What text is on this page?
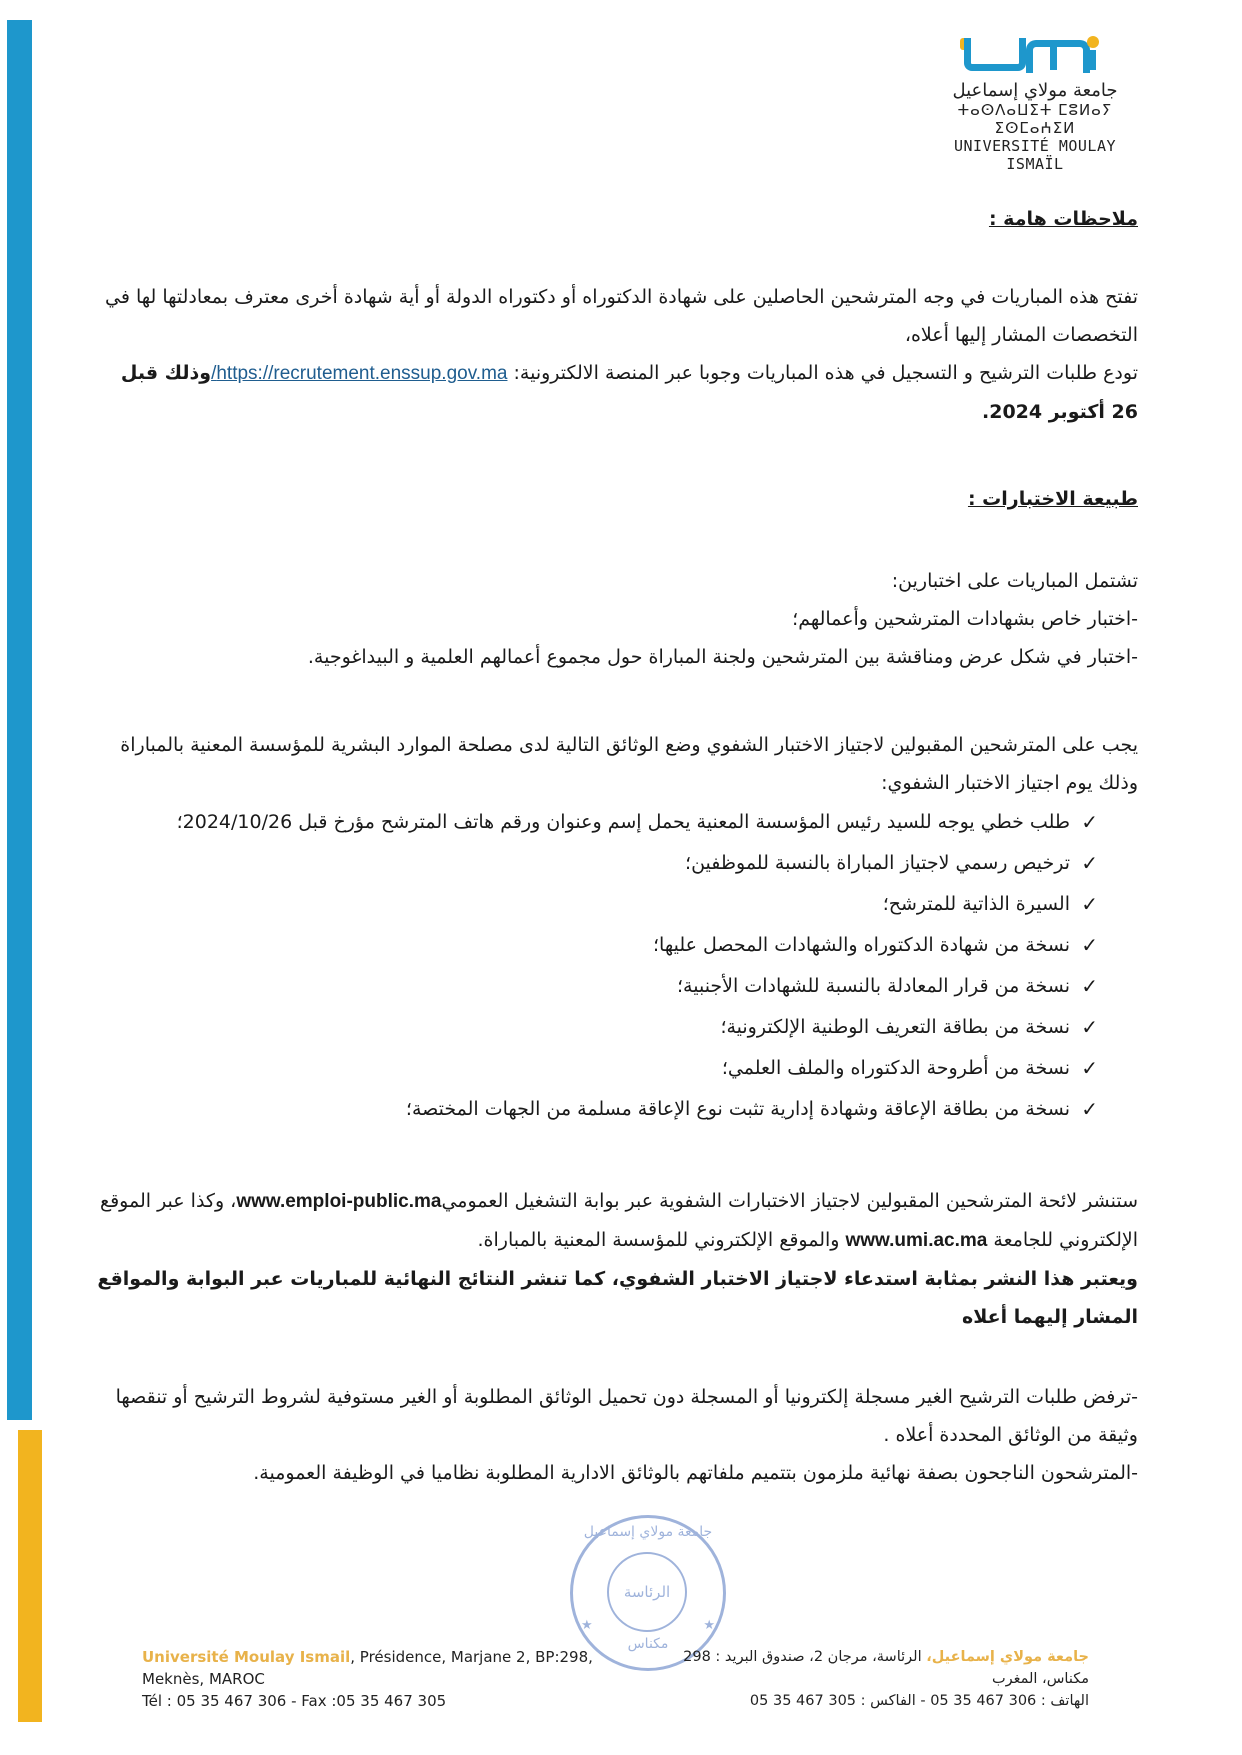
جامعة مولاي إسماعيل
ⵜⴰⵙⴷⴰⵡⵉⵜ ⵎⵓⵍⴰⵢ ⵉⵙⵎⴰⵄⵉⵍ
UNIVERSITÉ MOULAY ISMAÏL
ملاحظات هامة :
تفتح هذه المباريات في وجه المترشحين الحاصلين على شهادة الدكتوراه أو دكتوراه الدولة أو أية شهادة أخرى معترف بمعادلتها لها في التخصصات المشار إليها أعلاه،
تودع طلبات الترشيح و التسجيل في هذه المباريات وجوبا عبر المنصة الالكترونية: https://recrutement.enssup.gov.ma/وذلك قبل 26 أكتوبر 2024.
طبيعة الاختبارات :
تشتمل المباريات على اختبارين:
-اختبار خاص بشهادات المترشحين وأعمالهم؛
-اختبار في شكل عرض ومناقشة بين المترشحين ولجنة المباراة حول مجموع أعمالهم العلمية و البيداغوجية.
يجب على المترشحين المقبولين لاجتياز الاختبار الشفوي وضع الوثائق التالية لدى مصلحة الموارد البشرية للمؤسسة المعنية بالمباراة وذلك يوم اجتياز الاختبار الشفوي:
✓
طلب خطي يوجه للسيد رئيس المؤسسة المعنية يحمل إسم وعنوان ورقم هاتف المترشح مؤرخ قبل 2024/10/26؛
✓
ترخيص رسمي لاجتياز المباراة بالنسبة للموظفين؛
✓
السيرة الذاتية للمترشح؛
✓
نسخة من شهادة الدكتوراه والشهادات المحصل عليها؛
✓
نسخة من قرار المعادلة بالنسبة للشهادات الأجنبية؛
✓
نسخة من بطاقة التعريف الوطنية الإلكترونية؛
✓
نسخة من أطروحة الدكتوراه والملف العلمي؛
✓
نسخة من بطاقة الإعاقة وشهادة إدارية تثبت نوع الإعاقة مسلمة من الجهات المختصة؛
ستنشر لائحة المترشحين المقبولين لاجتياز الاختبارات الشفوية عبر بوابة التشغيل العموميwww.emploi-public.ma، وكذا عبر الموقع الإلكتروني للجامعة www.umi.ac.ma والموقع الإلكتروني للمؤسسة المعنية بالمباراة.
ويعتبر هذا النشر بمثابة استدعاء لاجتياز الاختبار الشفوي، كما تنشر النتائج النهائية للمباريات عبر البوابة والمواقع المشار إليهما أعلاه
-ترفض طلبات الترشيح الغير مسجلة إلكترونيا أو المسجلة دون تحميل الوثائق المطلوبة أو الغير مستوفية لشروط الترشيح أو تنقصها وثيقة من الوثائق المحددة أعلاه .
-المترشحون الناجحون بصفة نهائية ملزمون بتتميم ملفاتهم بالوثائق الادارية المطلوبة نظاميا في الوظيفة العمومية.
جامعة مولاي إسماعيل
الرئاسة
★	★
مكناس
Université Moulay Ismail, Présidence, Marjane 2, BP:298,
Meknès, MAROC
Tél : 05 35 467 306 - Fax :05 35 467 305
جامعة مولاي إسماعيل، الرئاسة، مرجان 2، صندوق البريد : 298
مكناس، المغرب
الهاتف : 306 467 35 05 - الفاكس : 305 467 35 05
